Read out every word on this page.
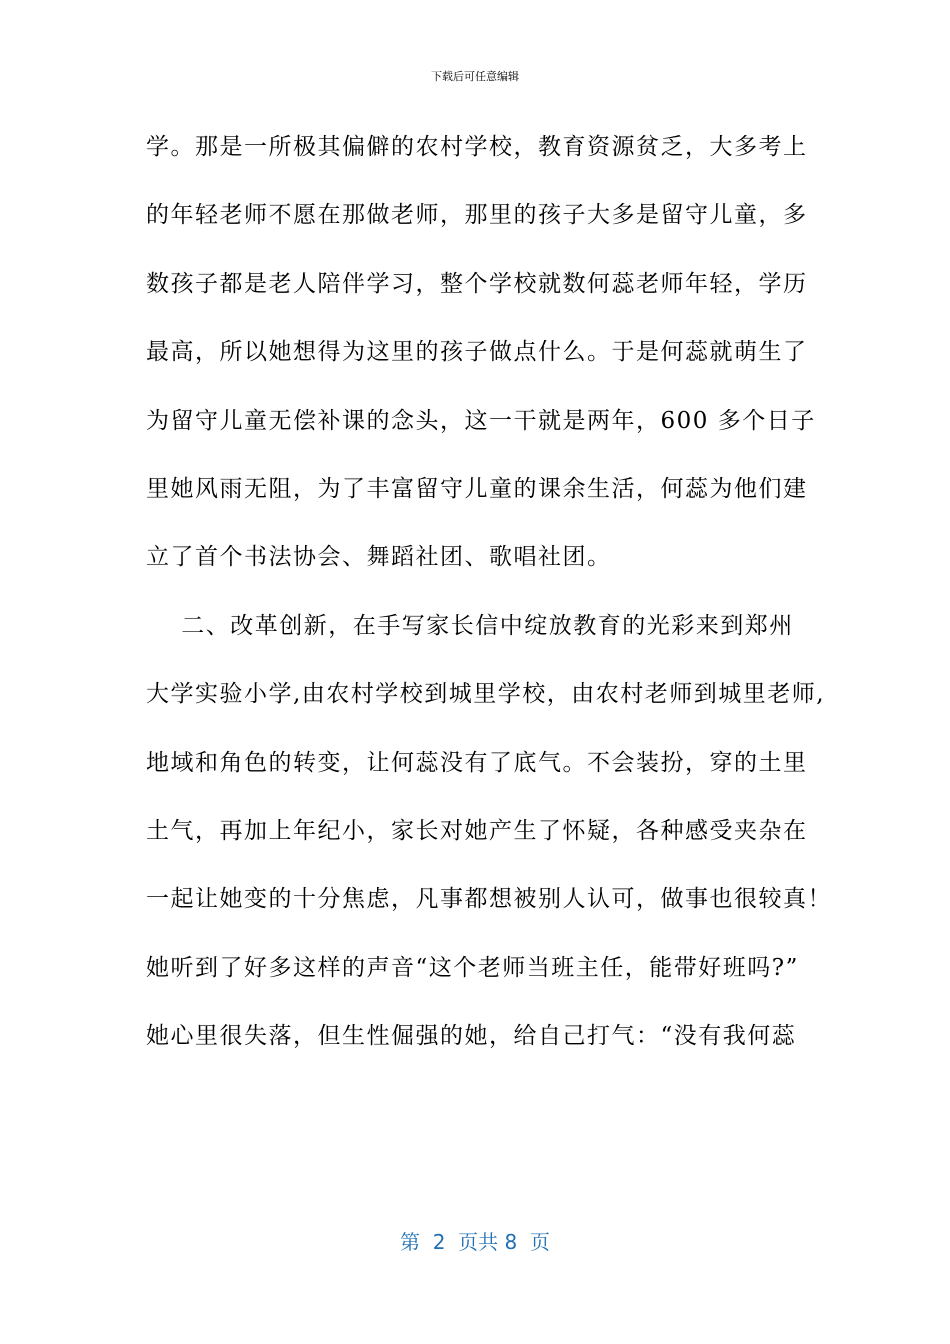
下载后可任意编辑
学。那是一所极其偏僻的农村学校，教育资源贫乏，大多考上
的年轻老师不愿在那做老师，那里的孩子大多是留守儿童，多
数孩子都是老人陪伴学习，整个学校就数何蕊老师年轻，学历
最高，所以她想得为这里的孩子做点什么。于是何蕊就萌生了
为留守儿童无偿补课的念头，这一干就是两年，600 多个日子
里她风雨无阻，为了丰富留守儿童的课余生活，何蕊为他们建
立了首个书法协会、舞蹈社团、歌唱社团。
二、改革创新，在手写家长信中绽放教育的光彩来到郑州
大学实验小学,由农村学校到城里学校，由农村老师到城里老师,
地域和角色的转变，让何蕊没有了底气。不会装扮，穿的土里
土气，再加上年纪小，家长对她产生了怀疑，各种感受夹杂在
一起让她变的十分焦虑，凡事都想被别人认可，做事也很较真！
她听到了好多这样的声音“这个老师当班主任，能带好班吗?”
她心里很失落，但生性倔强的她，给自己打气：“没有我何蕊
第  2  页共 8  页
